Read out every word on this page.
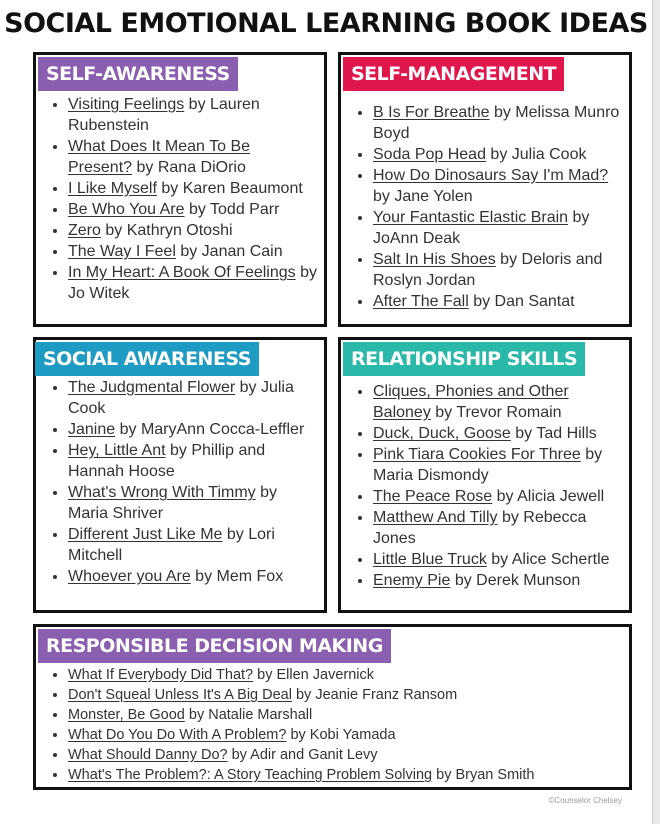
SOCIAL EMOTIONAL LEARNING BOOK IDEAS
SELF-AWARENESS
• Visiting Feelings by Lauren Rubenstein
• What Does It Mean To Be Present? by Rana DiOrio
• I Like Myself by Karen Beaumont
• Be Who You Are by Todd Parr
• Zero by Kathryn Otoshi
• The Way I Feel by Janan Cain
• In My Heart: A Book Of Feelings by Jo Witek
SELF-MANAGEMENT
• B Is For Breathe by Melissa Munro Boyd
• Soda Pop Head by Julia Cook
• How Do Dinosaurs Say I'm Mad? by Jane Yolen
• Your Fantastic Elastic Brain by JoAnn Deak
• Salt In His Shoes by Deloris and Roslyn Jordan
• After The Fall by Dan Santat
SOCIAL AWARENESS
• The Judgmental Flower by Julia Cook
• Janine by MaryAnn Cocca-Leffler
• Hey, Little Ant by Phillip and Hannah Hoose
• What's Wrong With Timmy by Maria Shriver
• Different Just Like Me by Lori Mitchell
• Whoever you Are by Mem Fox
RELATIONSHIP SKILLS
• Cliques, Phonies and Other Baloney by Trevor Romain
• Duck, Duck, Goose by Tad Hills
• Pink Tiara Cookies For Three by Maria Dismondy
• The Peace Rose by Alicia Jewell
• Matthew And Tilly by Rebecca Jones
• Little Blue Truck by Alice Schertle
• Enemy Pie by Derek Munson
RESPONSIBLE DECISION MAKING
• What If Everybody Did That? by Ellen Javernick
• Don't Squeal Unless It's A Big Deal by Jeanie Franz Ransom
• Monster, Be Good by Natalie Marshall
• What Do You Do With A Problem? by Kobi Yamada
• What Should Danny Do? by Adir and Ganit Levy
• What's The Problem?: A Story Teaching Problem Solving by Bryan Smith
©Counselor Chelsey
